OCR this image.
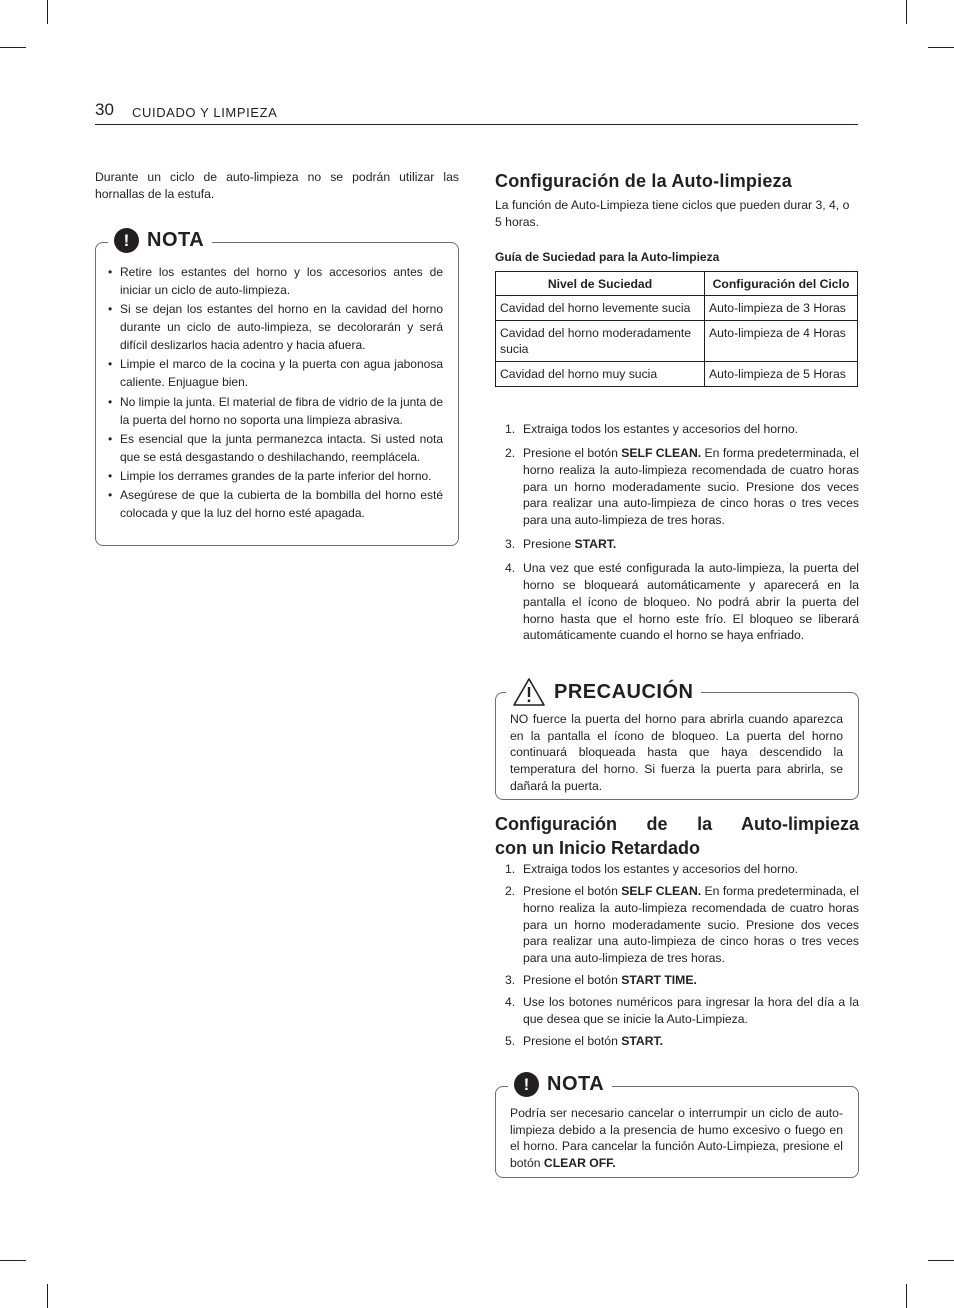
30 CUIDADO Y LIMPIEZA

Durante un ciclo de auto-limpieza no se podrán utilizar las hornallas de la estufa.

! NOTA
• Retire los estantes del horno y los accesorios antes de iniciar un ciclo de auto-limpieza.
• Si se dejan los estantes del horno en la cavidad del horno durante un ciclo de auto-limpieza, se decolorarán y será difícil deslizarlos hacia adentro y hacia afuera.
• Limpie el marco de la cocina y la puerta con agua jabonosa caliente. Enjuague bien.
• No limpie la junta. El material de fibra de vidrio de la junta de la puerta del horno no soporta una limpieza abrasiva.
• Es esencial que la junta permanezca intacta. Si usted nota que se está desgastando o deshilachando, reemplácela.
• Limpie los derrames grandes de la parte inferior del horno.
• Asegúrese de que la cubierta de la bombilla del horno esté colocada y que la luz del horno esté apagada.
Configuración de la Auto-limpieza

La función de Auto-Limpieza tiene ciclos que pueden durar 3, 4, o 5 horas.

Guía de Suciedad para la Auto-limpieza
Nivel de Suciedad	Configuración del Ciclo
Cavidad del horno levemente sucia	Auto-limpieza de 3 Horas
Cavidad del horno moderadamente sucia	Auto-limpieza de 4 Horas
Cavidad del horno muy sucia	Auto-limpieza de 5 Horas
1. Extraiga todos los estantes y accesorios del horno.
2. Presione el botón SELF CLEAN. En forma predeterminada, el horno realiza la auto-limpieza recomendada de cuatro horas para un horno moderadamente sucio. Presione dos veces para realizar una auto-limpieza de cinco horas o tres veces para una auto-limpieza de tres horas.
3. Presione START.
4. Una vez que esté configurada la auto-limpieza, la puerta del horno se bloqueará automáticamente y aparecerá en la pantalla el ícono de bloqueo. No podrá abrir la puerta del horno hasta que el horno este frío. El bloqueo se liberará automáticamente cuando el horno se haya enfriado.
PRECAUCIÓN

NO fuerce la puerta del horno para abrirla cuando aparezca en la pantalla el ícono de bloqueo. La puerta del horno continuará bloqueada hasta que haya descendido la temperatura del horno. Si fuerza la puerta para abrirla, se dañará la puerta.

Configuración de la Auto-limpieza
con un Inicio Retardado
1. Extraiga todos los estantes y accesorios del horno.
2. Presione el botón SELF CLEAN. En forma predeterminada, el horno realiza la auto-limpieza recomendada de cuatro horas para un horno moderadamente sucio. Presione dos veces para realizar una auto-limpieza de cinco horas o tres veces para una auto-limpieza de tres horas.
3. Presione el botón START TIME.
4. Use los botones numéricos para ingresar la hora del día a la que desea que se inicie la Auto-Limpieza.
5. Presione el botón START.
! NOTA

Podría ser necesario cancelar o interrumpir un ciclo de auto-limpieza debido a la presencia de humo excesivo o fuego en el horno. Para cancelar la función Auto-Limpieza, presione el botón CLEAR OFF.
